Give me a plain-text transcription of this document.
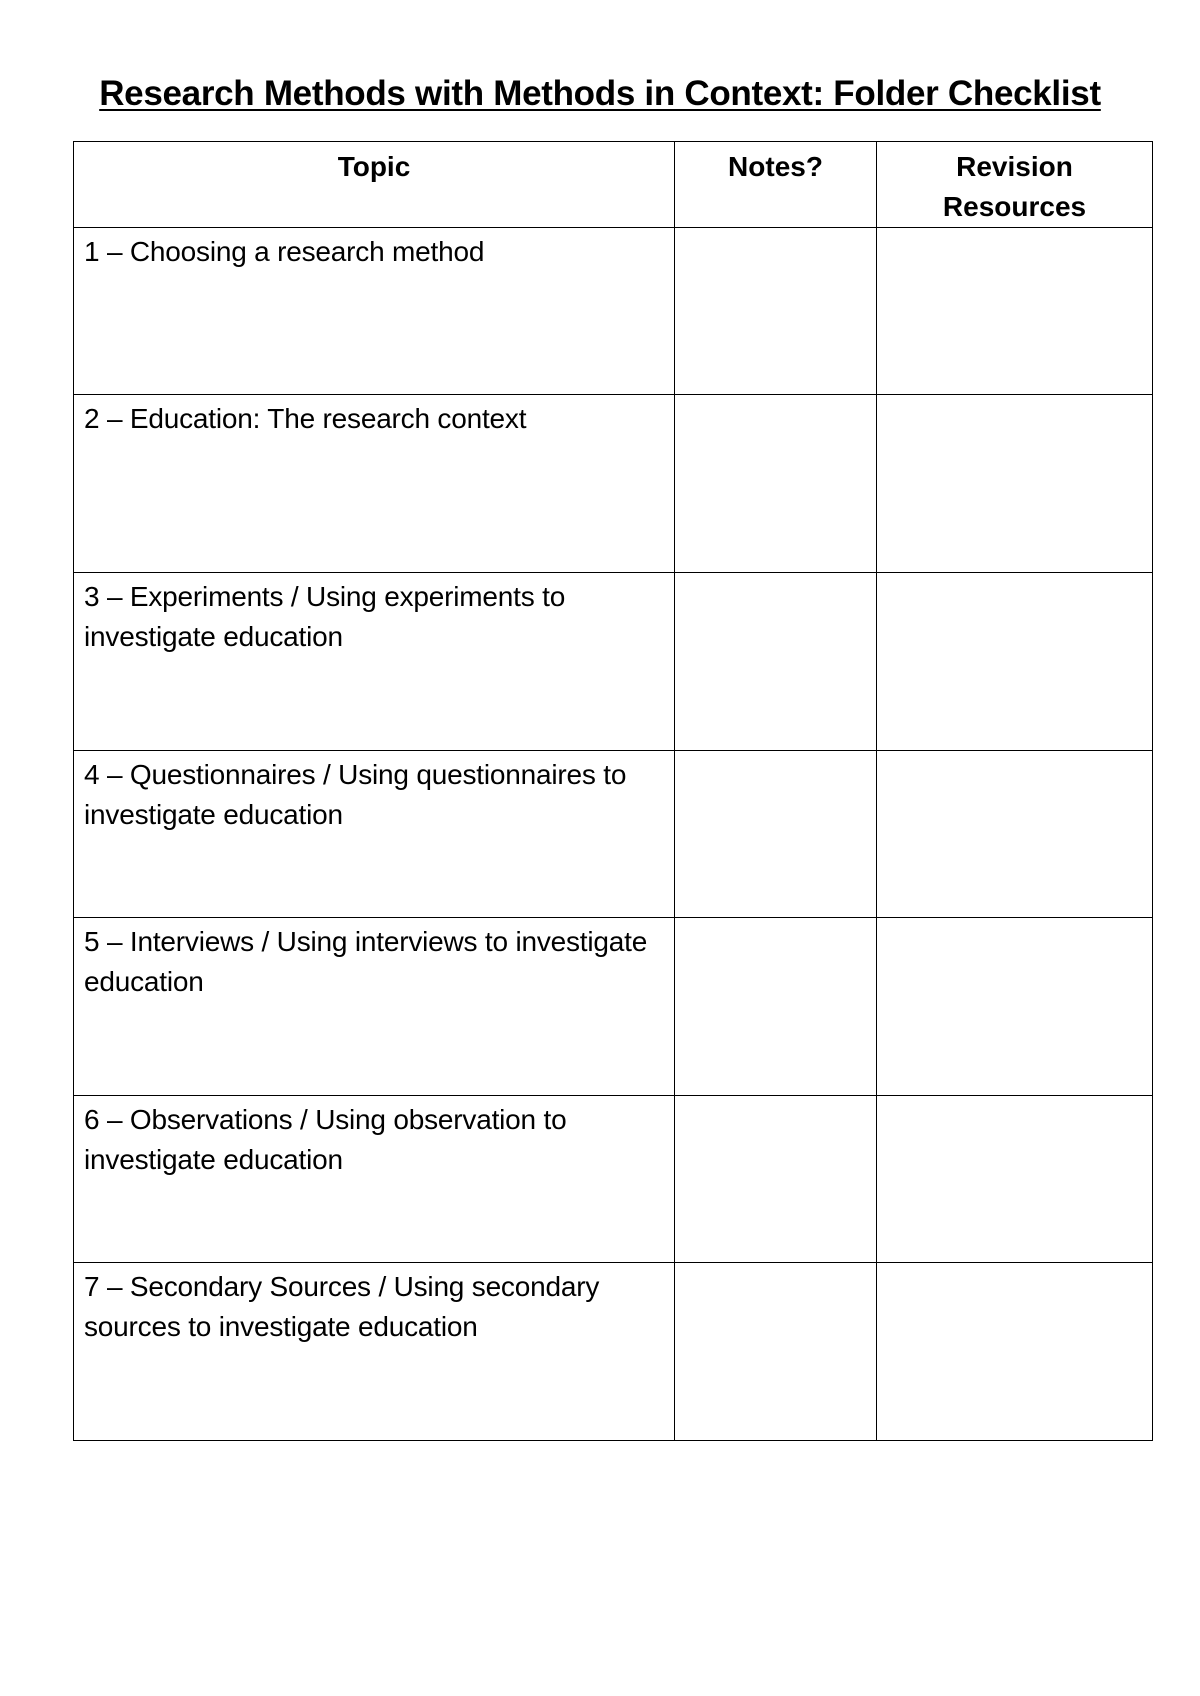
Research Methods with Methods in Context: Folder Checklist
Topic	Notes?	Revision Resources
1 – Choosing a research method		
2 – Education: The research context		
3 – Experiments / Using experiments to investigate education		
4 – Questionnaires / Using questionnaires to investigate education		
5 – Interviews / Using interviews to investigate education		
6 – Observations / Using observation to investigate education		
7 – Secondary Sources / Using secondary sources to investigate education		
